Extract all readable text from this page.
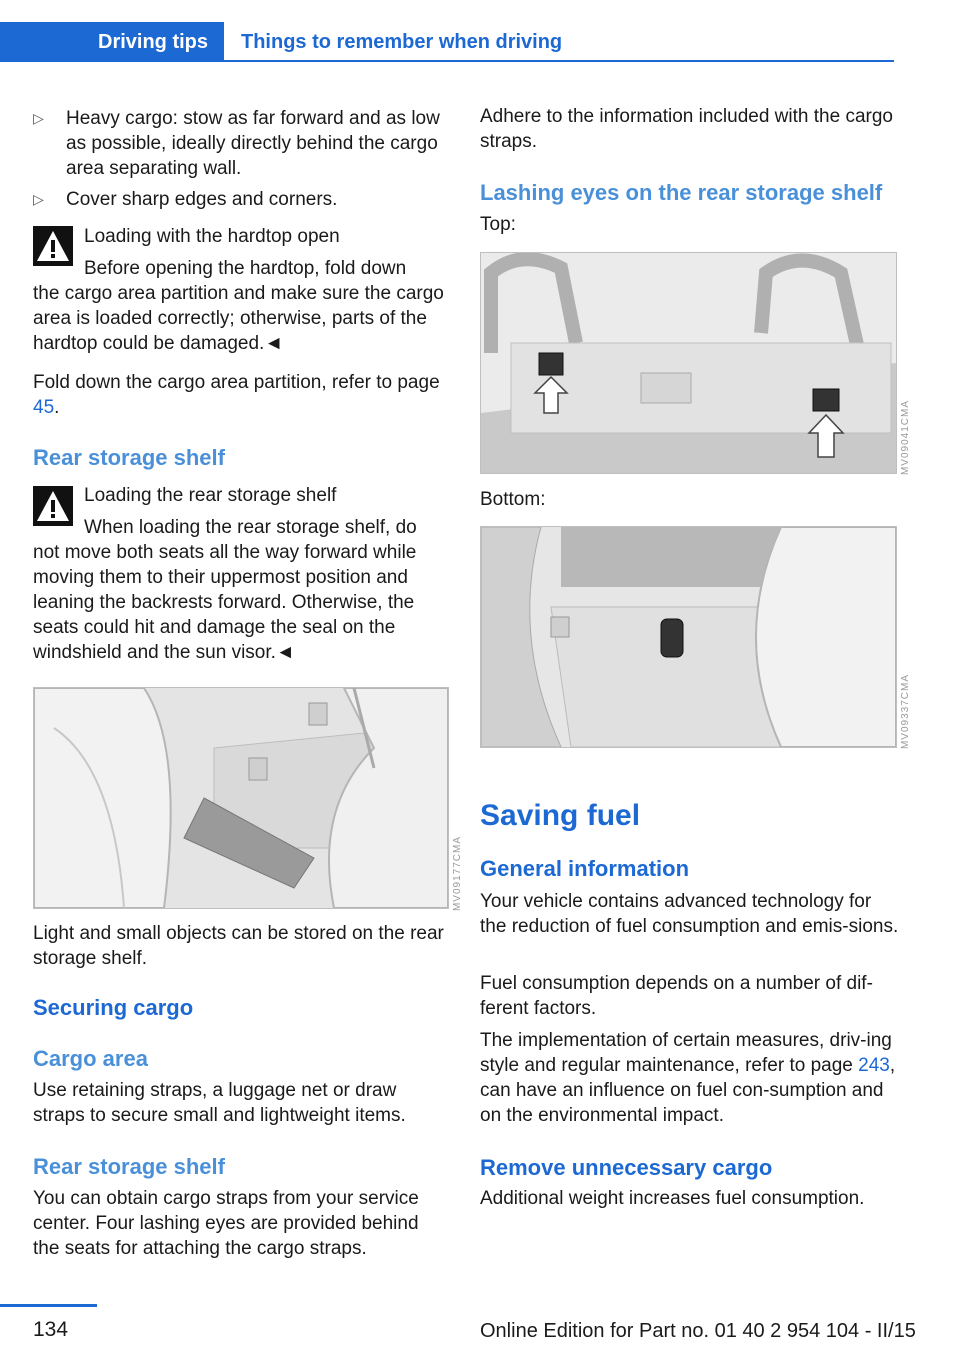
Driving tips Things to remember when driving
▷ Heavy cargo: stow as far forward and as low as possible, ideally directly behind the cargo area separating wall.
▷ Cover sharp edges and corners.
Loading with the hardtop open
Before opening the hardtop, fold down
the cargo area partition and make sure the cargo area is loaded correctly; otherwise, parts of the hardtop could be damaged.◄
Fold down the cargo area partition, refer to page 45.
Rear storage shelf
Loading the rear storage shelf
When loading the rear storage shelf, do
not move both seats all the way forward while moving them to their uppermost position and leaning the backrests forward. Otherwise, the seats could hit and damage the seal on the windshield and the sun visor.◄
MV09177CMA
Light and small objects can be stored on the rear storage shelf.
Securing cargo
Cargo area
Use retaining straps, a luggage net or draw straps to secure small and lightweight items.
Rear storage shelf
You can obtain cargo straps from your service center. Four lashing eyes are provided behind the seats for attaching the cargo straps.
Adhere to the information included with the cargo straps.
Lashing eyes on the rear storage shelf
Top:
MV09041CMA
Bottom:
MV09337CMA
Saving fuel
General information
Your vehicle contains advanced technology for the reduction of fuel consumption and emis-sions.
Fuel consumption depends on a number of dif-ferent factors.
The implementation of certain measures, driv-ing style and regular maintenance, refer to page 243, can have an influence on fuel con-sumption and on the environmental impact.
Remove unnecessary cargo
Additional weight increases fuel consumption.
134	Online Edition for Part no. 01 40 2 954 104 - II/15
